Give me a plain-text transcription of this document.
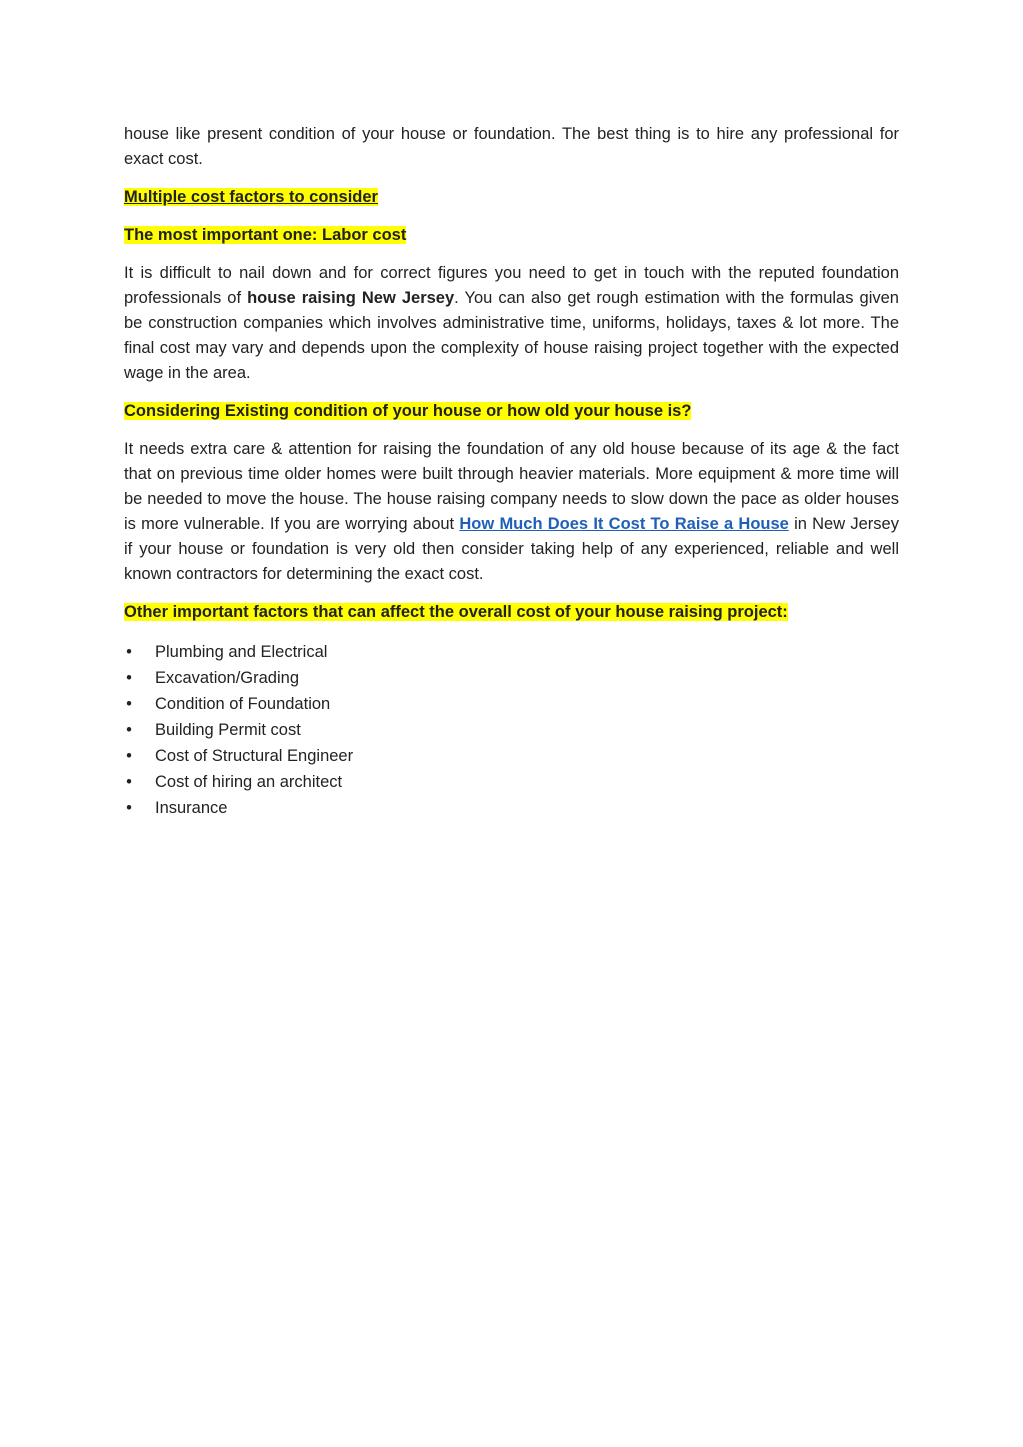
house like present condition of your house or foundation. The best thing is to hire any professional for exact cost.

Multiple cost factors to consider
The most important one: Labor cost

It is difficult to nail down and for correct figures you need to get in touch with the reputed foundation professionals of house raising New Jersey. You can also get rough estimation with the formulas given be construction companies which involves administrative time, uniforms, holidays, taxes & lot more. The final cost may vary and depends upon the complexity of house raising project together with the expected wage in the area.

Considering Existing condition of your house or how old your house is?

It needs extra care & attention for raising the foundation of any old house because of its age & the fact that on previous time older homes were built through heavier materials. More equipment & more time will be needed to move the house. The house raising company needs to slow down the pace as older houses is more vulnerable. If you are worrying about How Much Does It Cost To Raise a House in New Jersey if your house or foundation is very old then consider taking help of any experienced, reliable and well known contractors for determining the exact cost.

Other important factors that can affect the overall cost of your house raising project:
• Plumbing and Electrical
• Excavation/Grading
• Condition of Foundation
• Building Permit cost
• Cost of Structural Engineer
• Cost of hiring an architect
• Insurance
